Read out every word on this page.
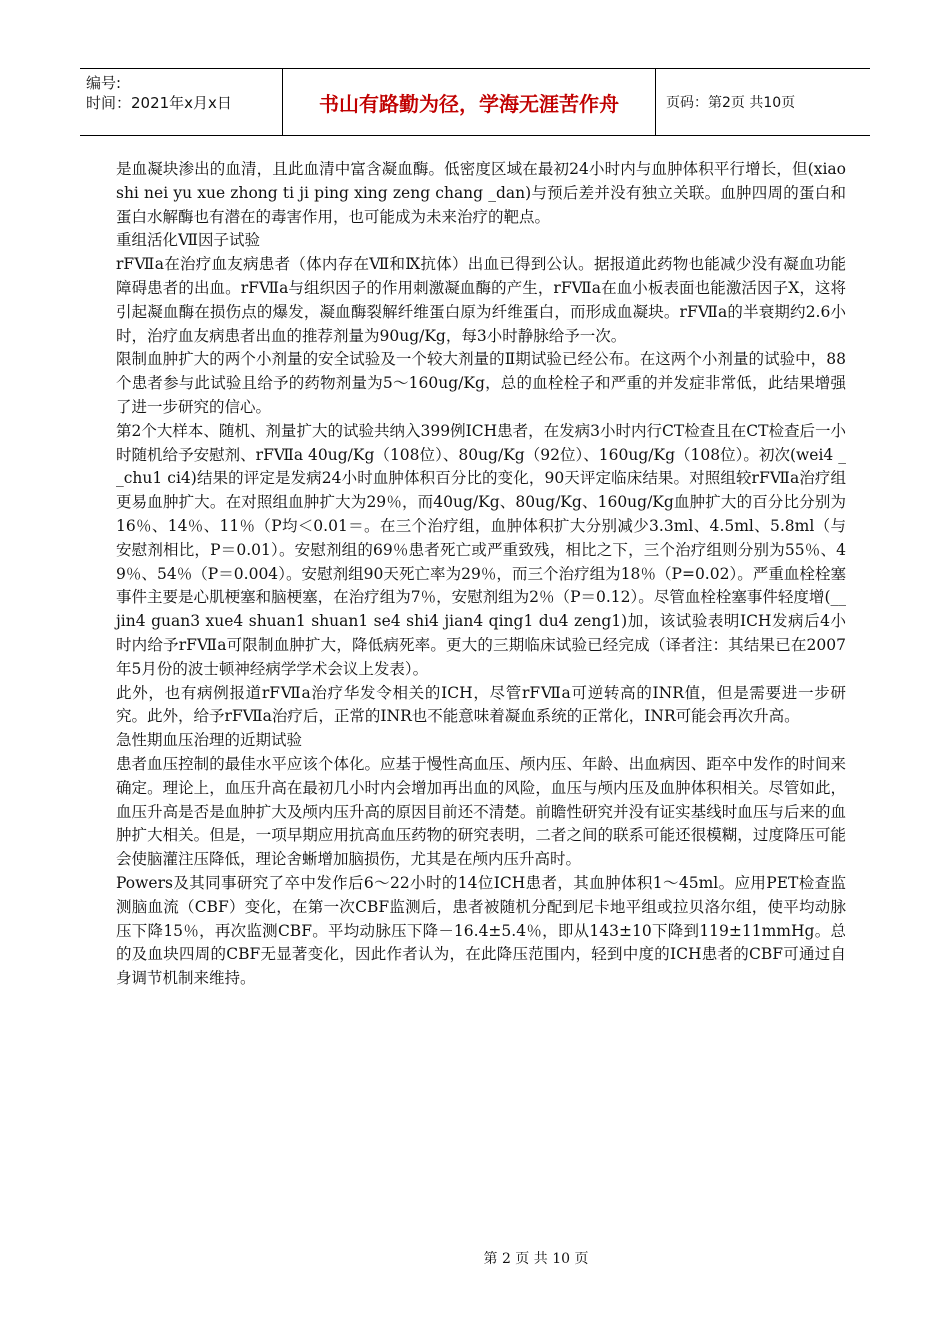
编号:
时间：2021年x月x日	书山有路勤为径，学海无涯苦作舟	页码：第2页 共10页

是血凝块渗出的血清，且此血清中富含凝血酶。低密度区域在最初24小时内与血肿体积平行增长，但(xiao shi nei yu xue zhong ti ji ping xing zeng chang _dan)与预后差并没有独立关联。血肿四周的蛋白和蛋白水解酶也有潜在的毒害作用，也可能成为未来治疗的靶点。

重组活化Ⅶ因子试验

rFⅦa在治疗血友病患者（体内存在Ⅶ和Ⅸ抗体）出血已得到公认。据报道此药物也能减少没有凝血功能障碍患者的出血。rFⅦa与组织因子的作用刺激凝血酶的产生，rFⅦa在血小板表面也能激活因子Ⅹ，这将引起凝血酶在损伤点的爆发，凝血酶裂解纤维蛋白原为纤维蛋白，而形成血凝块。rFⅦa的半衰期约2.6小时，治疗血友病患者出血的推荐剂量为90ug/Kg，每3小时静脉给予一次。

限制血肿扩大的两个小剂量的安全试验及一个较大剂量的Ⅱ期试验已经公布。在这两个小剂量的试验中，88个患者参与此试验且给予的药物剂量为5～160ug/Kg，总的血栓栓子和严重的并发症非常低，此结果增强了进一步研究的信心。

第2个大样本、随机、剂量扩大的试验共纳入399例ICH患者，在发病3小时内行CT检查且在CT检查后一小时随机给予安慰剂、rFⅦa 40ug/Kg（108位）、80ug/Kg（92位）、160ug/Kg（108位）。初次(wei4 __chu1 ci4)结果的评定是发病24小时血肿体积百分比的变化，90天评定临床结果。对照组较rFⅦa治疗组更易血肿扩大。在对照组血肿扩大为29％，而40ug/Kg、80ug/Kg、160ug/Kg血肿扩大的百分比分别为16％、14％、11％（P均＜0.01＝。在三个治疗组，血肿体积扩大分别减少3.3ml、4.5ml、5.8ml（与安慰剂相比，P＝0.01）。安慰剂组的69％患者死亡或严重致残，相比之下，三个治疗组则分别为55％、49％、54％（P＝0.004）。安慰剂组90天死亡率为29％，而三个治疗组为18％（P=0.02）。严重血栓栓塞事件主要是心肌梗塞和脑梗塞，在治疗组为7％，安慰剂组为2％（P＝0.12）。尽管血栓栓塞事件轻度增(__jin4 guan3 xue4 shuan1 shuan1 se4 shi4 jian4 qing1 du4 zeng1)加，该试验表明ICH发病后4小时内给予rFⅦa可限制血肿扩大，降低病死率。更大的三期临床试验已经完成（译者注：其结果已在2007年5月份的波士顿神经病学学术会议上发表）。

此外，也有病例报道rFⅦa治疗华发令相关的ICH，尽管rFⅦa可逆转高的INR值，但是需要进一步研究。此外，给予rFⅦa治疗后，正常的INR也不能意味着凝血系统的正常化，INR可能会再次升高。

急性期血压治理的近期试验

患者血压控制的最佳水平应该个体化。应基于慢性高血压、颅内压、年龄、出血病因、距卒中发作的时间来确定。理论上，血压升高在最初几小时内会增加再出血的风险，血压与颅内压及血肿体积相关。尽管如此，血压升高是否是血肿扩大及颅内压升高的原因目前还不清楚。前瞻性研究并没有证实基线时血压与后来的血肿扩大相关。但是，一项早期应用抗高血压药物的研究表明，二者之间的联系可能还很模糊，过度降压可能会使脑灌注压降低，理论舍蜥增加脑损伤，尤其是在颅内压升高时。

Powers及其同事研究了卒中发作后6～22小时的14位ICH患者，其血肿体积1～45ml。应用PET检查监测脑血流（CBF）变化，在第一次CBF监测后，患者被随机分配到尼卡地平组或拉贝洛尔组，使平均动脉压下降15％，再次监测CBF。平均动脉压下降－16.4±5.4％，即从143±10下降到119±11mmHg。总的及血块四周的CBF无显著变化，因此作者认为，在此降压范围内，轻到中度的ICH患者的CBF可通过自身调节机制来维持。

第 2 页 共 10 页
